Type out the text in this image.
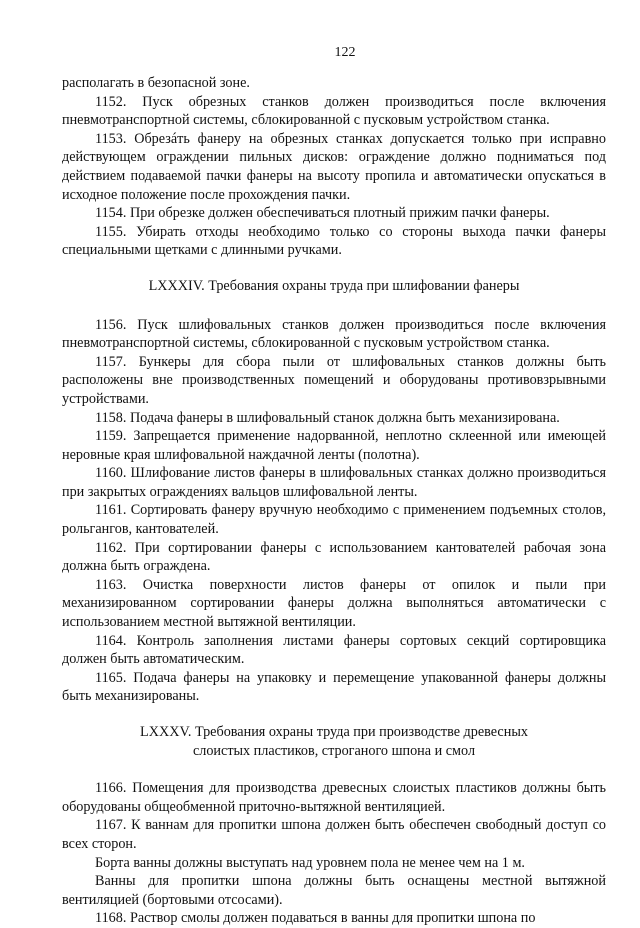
122

располагать в безопасной зоне.

1152. Пуск обрезных станков должен производиться после включения пневмотранспортной системы, сблокированной с пусковым устройством станка.

1153. Обрезáть фанеру на обрезных станках допускается только при исправно действующем ограждении пильных дисков: ограждение должно подниматься под действием подаваемой пачки фанеры на высоту пропила и автоматически опускаться в исходное положение после прохождения пачки.

1154. При обрезке должен обеспечиваться плотный прижим пачки фанеры.

1155. Убирать отходы необходимо только со стороны выхода пачки фанеры специальными щетками с длинными ручками.

LXXXIV. Требования охраны труда при шлифовании фанеры

1156. Пуск шлифовальных станков должен производиться после включения пневмотранспортной системы, сблокированной с пусковым устройством станка.

1157. Бункеры для сбора пыли от шлифовальных станков должны быть расположены вне производственных помещений и оборудованы противовзрывными устройствами.

1158. Подача фанеры в шлифовальный станок должна быть механизирована.

1159. Запрещается применение надорванной, неплотно склеенной или имеющей неровные края шлифовальной наждачной ленты (полотна).

1160. Шлифование листов фанеры в шлифовальных станках должно производиться при закрытых ограждениях вальцов шлифовальной ленты.

1161. Сортировать фанеру вручную необходимо с применением подъемных столов, рольгангов, кантователей.

1162. При сортировании фанеры с использованием кантователей рабочая зона должна быть ограждена.

1163. Очистка поверхности листов фанеры от опилок и пыли при механизированном сортировании фанеры должна выполняться автоматически с использованием местной вытяжной вентиляции.

1164. Контроль заполнения листами фанеры сортовых секций сортировщика должен быть автоматическим.

1165. Подача фанеры на упаковку и перемещение упакованной фанеры должны быть механизированы.

LXXXV. Требования охраны труда при производстве древесных
слоистых пластиков, строганого шпона и смол

1166. Помещения для производства древесных слоистых пластиков должны быть оборудованы общеобменной приточно-вытяжной вентиляцией.

1167. К ваннам для пропитки шпона должен быть обеспечен свободный доступ со всех сторон.

Борта ванны должны выступать над уровнем пола не менее чем на 1 м.

Ванны для пропитки шпона должны быть оснащены местной вытяжной вентиляцией (бортовыми отсосами).

1168. Раствор смолы должен подаваться в ванны для пропитки шпона по
